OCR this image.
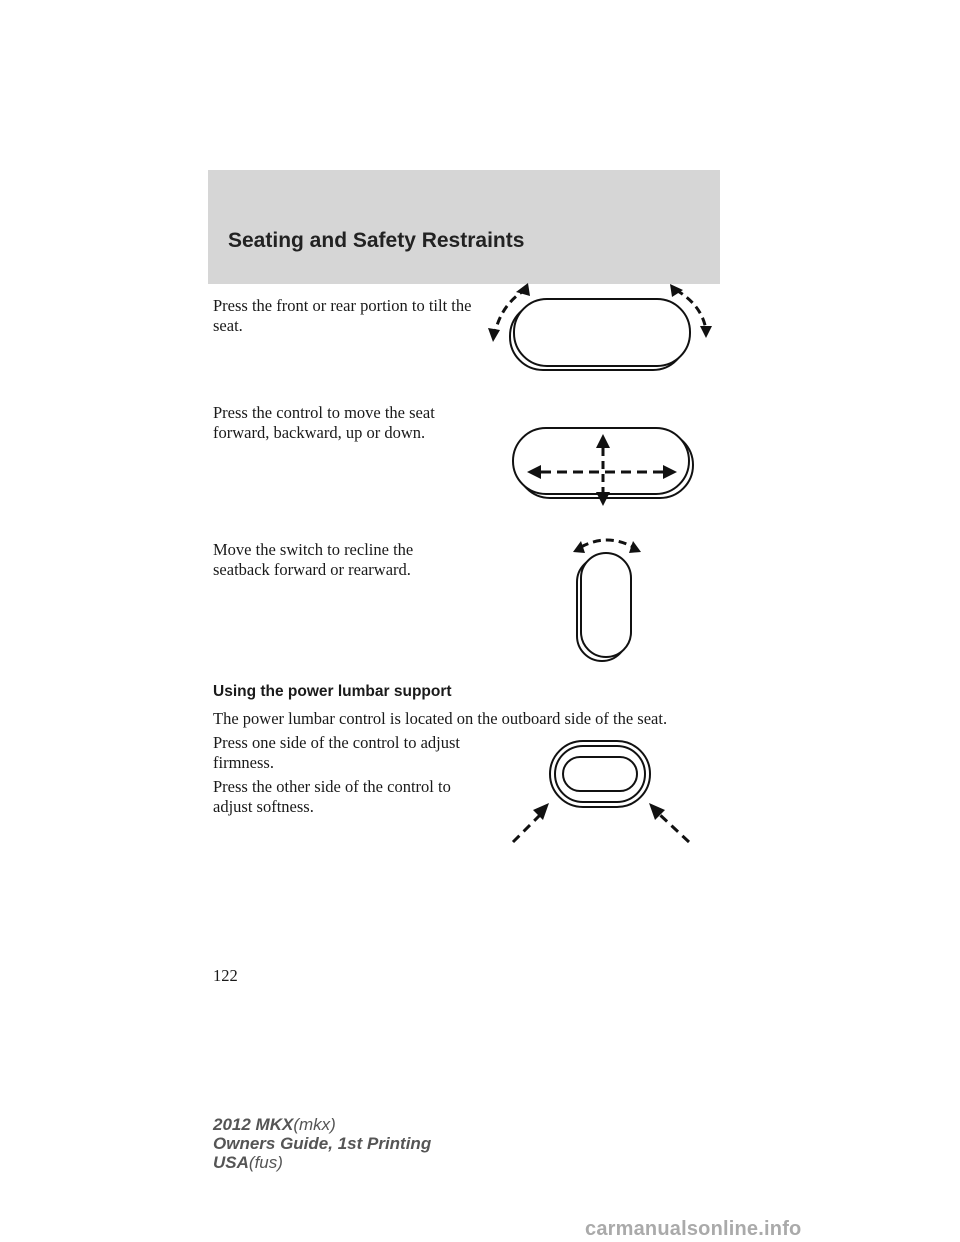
Seating and Safety Restraints
Press the front or rear portion to tilt the seat.
Press the control to move the seat forward, backward, up or down.
Move the switch to recline the seatback forward or rearward.
Using the power lumbar support
The power lumbar control is located on the outboard side of the seat.
Press one side of the control to adjust firmness.
Press the other side of the control to adjust softness.
122
2012 MKX(mkx)
Owners Guide, 1st Printing
USA(fus)
carmanualsonline.info
